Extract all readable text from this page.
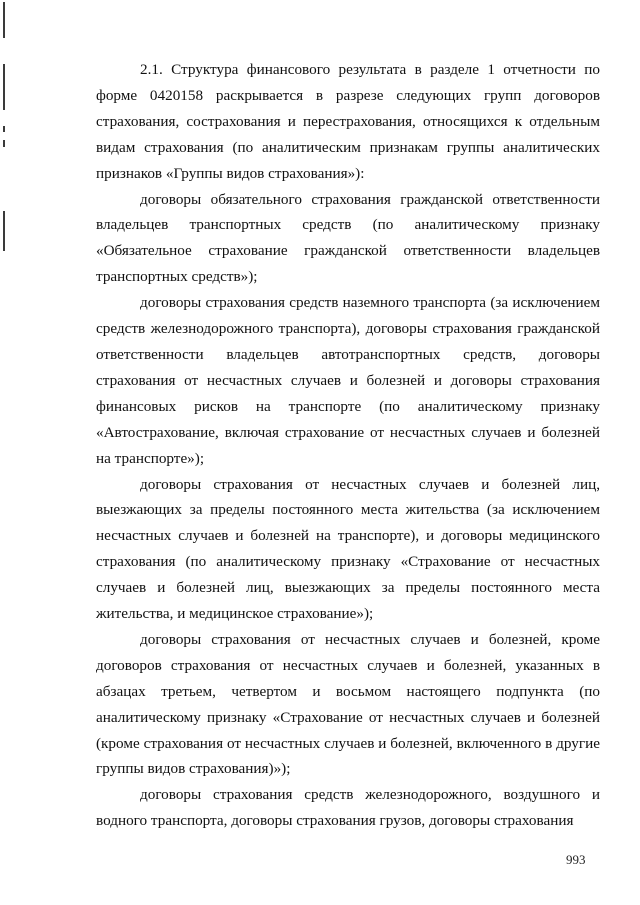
2.1. Структура финансового результата в разделе 1 отчетности по форме 0420158 раскрывается в разрезе следующих групп договоров страхования, сострахования и перестрахования, относящихся к отдельным видам страхования (по аналитическим признакам группы аналитических признаков «Группы видов страхования»):

договоры обязательного страхования гражданской ответственности владельцев транспортных средств (по аналитическому признаку «Обязательное страхование гражданской ответственности владельцев транспортных средств»);

договоры страхования средств наземного транспорта (за исключением средств железнодорожного транспорта), договоры страхования гражданской ответственности владельцев автотранспортных средств, договоры страхования от несчастных случаев и болезней и договоры страхования финансовых рисков на транспорте (по аналитическому признаку «Автострахование, включая страхование от несчастных случаев и болезней на транспорте»);

договоры страхования от несчастных случаев и болезней лиц, выезжающих за пределы постоянного места жительства (за исключением несчастных случаев и болезней на транспорте), и договоры медицинского страхования (по аналитическому признаку «Страхование от несчастных случаев и болезней лиц, выезжающих за пределы постоянного места жительства, и медицинское страхование»);

договоры страхования от несчастных случаев и болезней, кроме договоров страхования от несчастных случаев и болезней, указанных в абзацах третьем, четвертом и восьмом настоящего подпункта (по аналитическому признаку «Страхование от несчастных случаев и болезней (кроме страхования от несчастных случаев и болезней, включенного в другие группы видов страхования)»);

договоры страхования средств железнодорожного, воздушного и водного транспорта, договоры страхования грузов, договоры страхования

993
